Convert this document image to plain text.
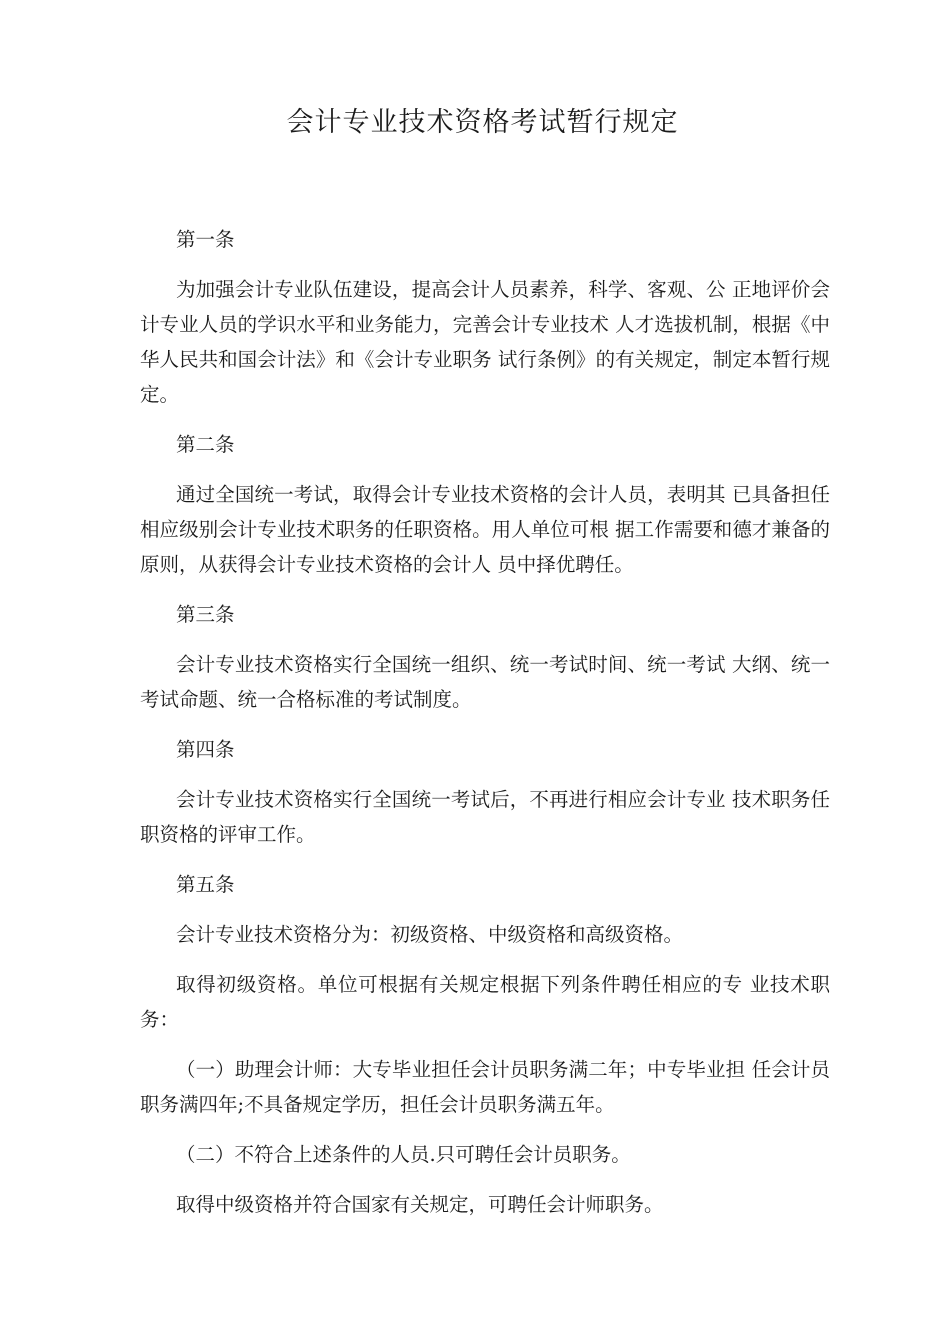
会计专业技术资格考试暂行规定

第一条

为加强会计专业队伍建设，提高会计人员素养，科学、客观、公 正地评价会计专业人员的学识水平和业务能力，完善会计专业技术 人才选拔机制，根据《中华人民共和国会计法》和《会计专业职务 试行条例》的有关规定，制定本暂行规定。

第二条

通过全国统一考试，取得会计专业技术资格的会计人员，表明其 已具备担任相应级别会计专业技术职务的任职资格。用人单位可根 据工作需要和德才兼备的原则，从获得会计专业技术资格的会计人 员中择优聘任。

第三条

会计专业技术资格实行全国统一组织、统一考试时间、统一考试 大纲、统一考试命题、统一合格标准的考试制度。

第四条

会计专业技术资格实行全国统一考试后，不再进行相应会计专业 技术职务任职资格的评审工作。

第五条

会计专业技术资格分为：初级资格、中级资格和高级资格。

取得初级资格。单位可根据有关规定根据下列条件聘任相应的专 业技术职务：

（一）助理会计师：大专毕业担任会计员职务满二年；中专毕业担 任会计员职务满四年;不具备规定学历，担任会计员职务满五年。

（二）不符合上述条件的人员.只可聘任会计员职务。

取得中级资格并符合国家有关规定，可聘任会计师职务。
